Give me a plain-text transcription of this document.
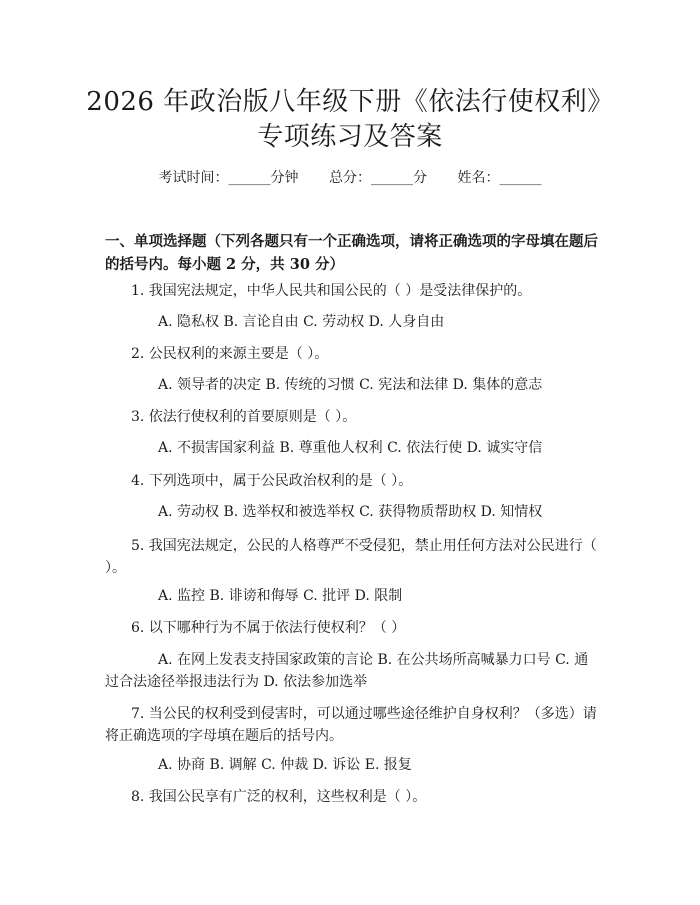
2026 年政治版八年级下册《依法行使权利》
专项练习及答案
考试时间：______分钟 总分：______分 姓名：______

一、单项选择题（下列各题只有一个正确选项，请将正确选项的字母填在题后的括号内。每小题 2 分，共 30 分）

1. 我国宪法规定，中华人民共和国公民的（ ）是受法律保护的。

A. 隐私权 B. 言论自由 C. 劳动权 D. 人身自由

2. 公民权利的来源主要是（ ）。

A. 领导者的决定 B. 传统的习惯 C. 宪法和法律 D. 集体的意志

3. 依法行使权利的首要原则是（ ）。

A. 不损害国家利益 B. 尊重他人权利 C. 依法行使 D. 诚实守信

4. 下列选项中，属于公民政治权利的是（ ）。

A. 劳动权 B. 选举权和被选举权 C. 获得物质帮助权 D. 知情权

5. 我国宪法规定，公民的人格尊严不受侵犯，禁止用任何方法对公民进行（ ）。

A. 监控 B. 诽谤和侮辱 C. 批评 D. 限制

6. 以下哪种行为不属于依法行使权利？（ ）

A. 在网上发表支持国家政策的言论 B. 在公共场所高喊暴力口号 C. 通过合法途径举报违法行为 D. 依法参加选举

7. 当公民的权利受到侵害时，可以通过哪些途径维护自身权利？（多选）请将正确选项的字母填在题后的括号内。

A. 协商 B. 调解 C. 仲裁 D. 诉讼 E. 报复

8. 我国公民享有广泛的权利，这些权利是（ ）。
